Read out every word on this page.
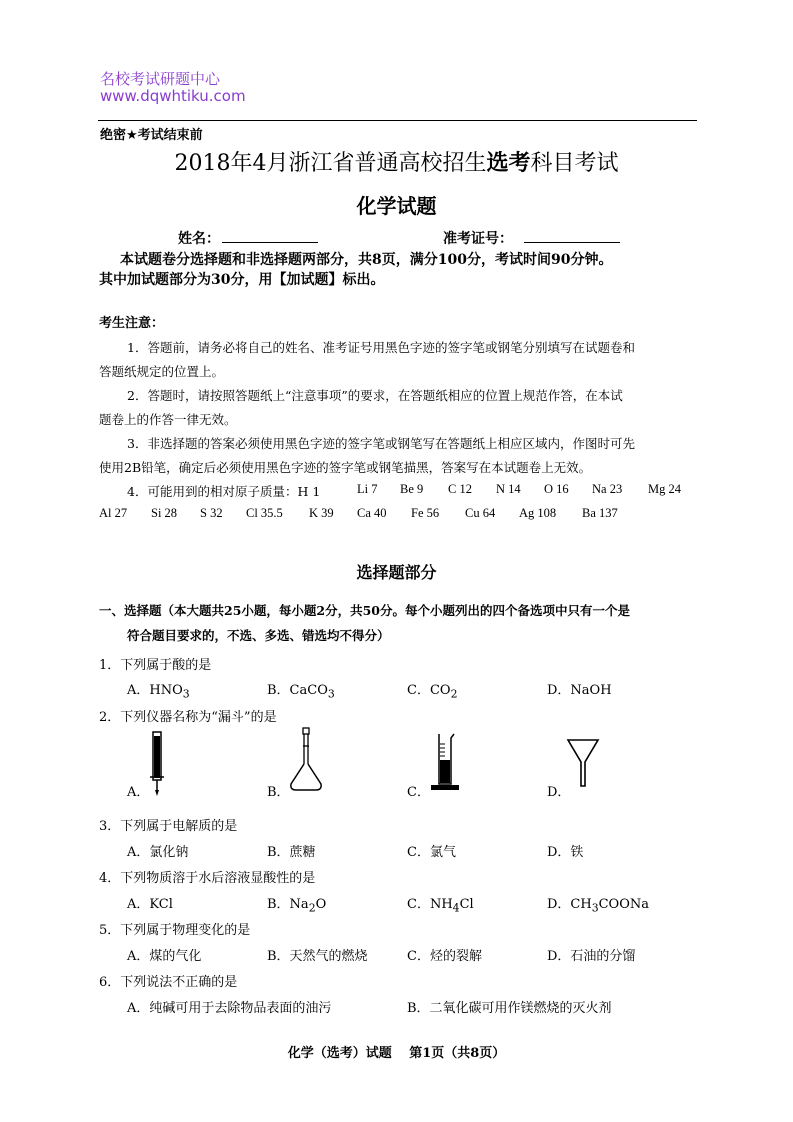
名校考试研题中心
www.dqwhtiku.com
绝密★考试结束前
2018年4月浙江省普通高校招生选考科目考试
化学试题
姓名：	准考证号：
本试题卷分选择题和非选择题两部分，共8页，满分100分，考试时间90分钟。
其中加试题部分为30分，用【加试题】标出。
考生注意：
1．答题前，请务必将自己的姓名、准考证号用黑色字迹的签字笔或钢笔分别填写在试题卷和
答题纸规定的位置上。
2．答题时，请按照答题纸上“注意事项”的要求，在答题纸相应的位置上规范作答，在本试
题卷上的作答一律无效。
3．非选择题的答案必须使用黑色字迹的签字笔或钢笔写在答题纸上相应区域内，作图时可先
使用2B铅笔，确定后必须使用黑色字迹的签字笔或钢笔描黑，答案写在本试题卷上无效。
4．可能用到的相对原子质量：H 1	Li 7 Be 9 C 12 N 14 O 16 Na 23 Mg 24
Al 27 Si 28 S 32 Cl 35.5 K 39 Ca 40 Fe 56 Cu 64 Ag 108 Ba 137
选择题部分
一、选择题（本大题共25小题，每小题2分，共50分。每个小题列出的四个备选项中只有一个是
符合题目要求的，不选、多选、错选均不得分）
1．下列属于酸的是
A．$HNO_3$	B．CaCO$_3$	C．$CO_2$	D．NaOH
2．下列仪器名称为“漏斗”的是
A．	B．	C．	D．
3．下列属于电解质的是
A．氯化钠	B．蔗糖	C．氯气	D．铁
4．下列物质溶于水后溶液显酸性的是
A．KCl	B．$Na_2O$	C．$NH_4Cl$	D．$CH_3COONa$
5．下列属于物理变化的是
A．煤的气化	B．天然气的燃烧	C．烃的裂解	D．石油的分馏
6．下列说法不正确的是
A．纯碱可用于去除物品表面的油污	B．二氧化碳可用作镁燃烧的灭火剂
化学（选考）试题　 第1页（共8页）
